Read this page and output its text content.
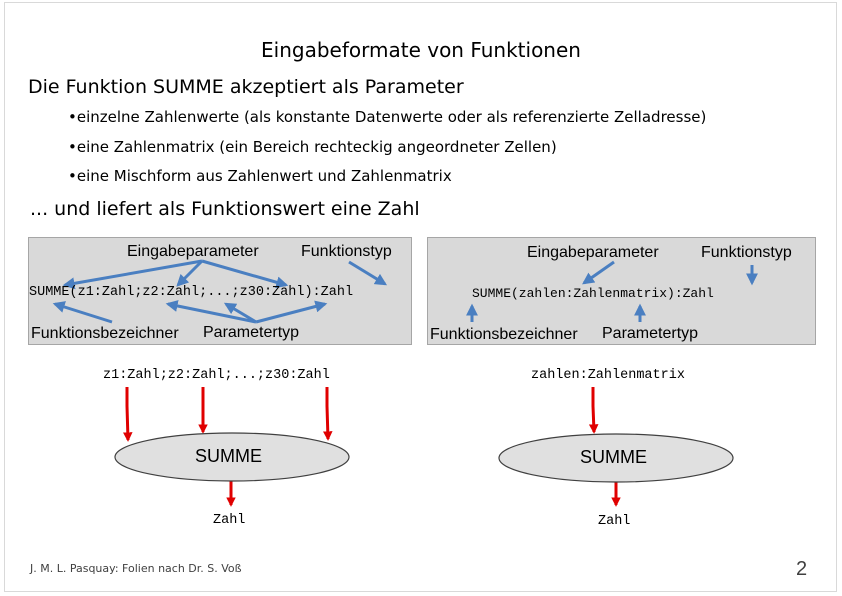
Eingabeformate von Funktionen
Die Funktion SUMME akzeptiert als Parameter
•einzelne Zahlenwerte (als konstante Datenwerte oder als referenzierte Zelladresse)
•eine Zahlenmatrix (ein Bereich rechteckig angeordneter Zellen)
•eine Mischform aus Zahlenwert und Zahlenmatrix
... und liefert als Funktionswert eine Zahl
Eingabeparameter	Funktionstyp
SUMME(z1:Zahl;z2:Zahl;...;z30:Zahl):Zahl
Funktionsbezeichner Parametertyp
Eingabeparameter	Funktionstyp
SUMME(zahlen:Zahlenmatrix):Zahl
Funktionsbezeichner Parametertyp
z1:Zahl;z2:Zahl;...;z30:Zahl
SUMME
Zahl
zahlen:Zahlenmatrix
SUMME
Zahl
J. M. L. Pasquay: Folien nach Dr. S. Voß	2
